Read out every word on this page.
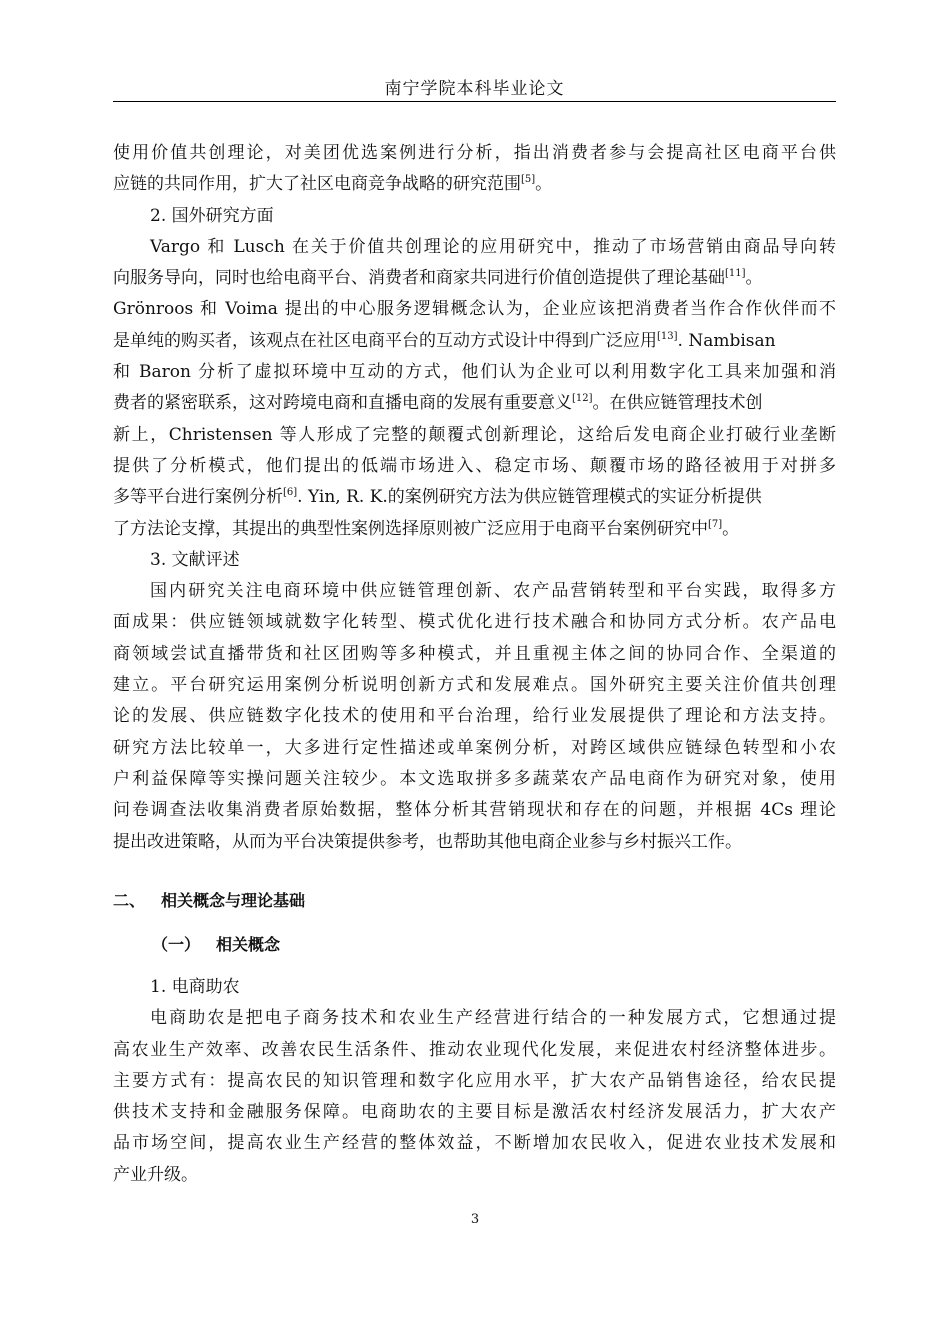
南宁学院本科毕业论文
使用价值共创理论，对美团优选案例进行分析，指出消费者参与会提高社区电商平台供
应链的共同作用，扩大了社区电商竞争战略的研究范围[5]。
2. 国外研究方面
Vargo 和 Lusch 在关于价值共创理论的应用研究中，推动了市场营销由商品导向转
向服务导向，同时也给电商平台、消费者和商家共同进行价值创造提供了理论基础[11]。
Grönroos 和 Voima 提出的中心服务逻辑概念认为，企业应该把消费者当作合作伙伴而不
是单纯的购买者，该观点在社区电商平台的互动方式设计中得到广泛应用[13]. Nambisan
和 Baron 分析了虚拟环境中互动的方式，他们认为企业可以利用数字化工具来加强和消
费者的紧密联系，这对跨境电商和直播电商的发展有重要意义[12]。在供应链管理技术创
新上，Christensen 等人形成了完整的颠覆式创新理论，这给后发电商企业打破行业垄断
提供了分析模式，他们提出的低端市场进入、稳定市场、颠覆市场的路径被用于对拼多
多等平台进行案例分析[6]. Yin, R. K.的案例研究方法为供应链管理模式的实证分析提供
了方法论支撑，其提出的典型性案例选择原则被广泛应用于电商平台案例研究中[7]。
3. 文献评述
国内研究关注电商环境中供应链管理创新、农产品营销转型和平台实践，取得多方
面成果：供应链领域就数字化转型、模式优化进行技术融合和协同方式分析。农产品电
商领域尝试直播带货和社区团购等多种模式，并且重视主体之间的协同合作、全渠道的
建立。平台研究运用案例分析说明创新方式和发展难点。国外研究主要关注价值共创理
论的发展、供应链数字化技术的使用和平台治理，给行业发展提供了理论和方法支持。
研究方法比较单一，大多进行定性描述或单案例分析，对跨区域供应链绿色转型和小农
户利益保障等实操问题关注较少。本文选取拼多多蔬菜农产品电商作为研究对象，使用
问卷调查法收集消费者原始数据，整体分析其营销现状和存在的问题，并根据 4Cs 理论
提出改进策略，从而为平台决策提供参考，也帮助其他电商企业参与乡村振兴工作。
二、 相关概念与理论基础
（一） 相关概念
1. 电商助农
电商助农是把电子商务技术和农业生产经营进行结合的一种发展方式，它想通过提
高农业生产效率、改善农民生活条件、推动农业现代化发展，来促进农村经济整体进步。
主要方式有：提高农民的知识管理和数字化应用水平，扩大农产品销售途径，给农民提
供技术支持和金融服务保障。电商助农的主要目标是激活农村经济发展活力，扩大农产
品市场空间，提高农业生产经营的整体效益，不断增加农民收入，促进农业技术发展和
产业升级。
3
